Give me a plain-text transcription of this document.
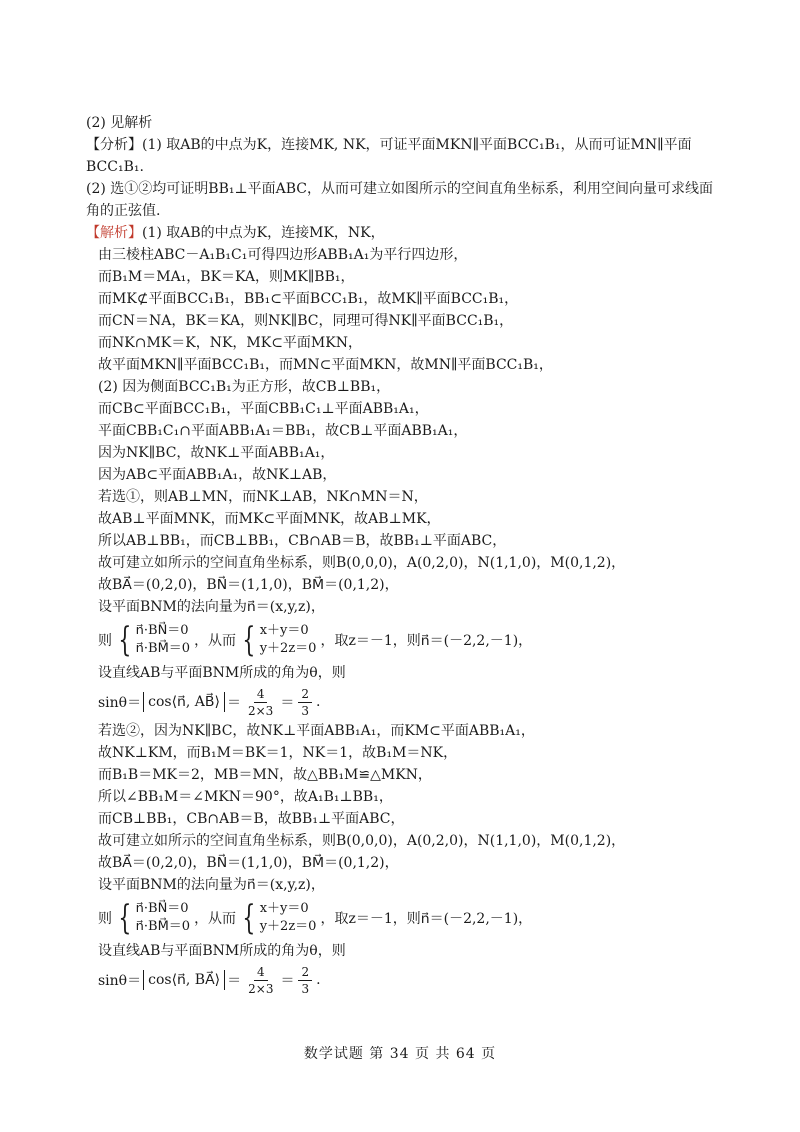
(2) 见解析
【分析】(1) 取AB的中点为K，连接MK, NK，可证平面MKN∥平面BCC₁B₁，从而可证MN∥平面
BCC₁B₁.
(2) 选①②均可证明BB₁⊥平面ABC，从而可建立如图所示的空间直角坐标系，利用空间向量可求线面
角的正弦值.
【解析】(1) 取AB的中点为K，连接MK，NK，
由三棱柱ABC－A₁B₁C₁可得四边形ABB₁A₁为平行四边形，
而B₁M＝MA₁，BK＝KA，则MK∥BB₁，
而MK⊄平面BCC₁B₁，BB₁⊂平面BCC₁B₁，故MK∥平面BCC₁B₁，
而CN＝NA，BK＝KA，则NK∥BC，同理可得NK∥平面BCC₁B₁，
而NK∩MK＝K，NK，MK⊂平面MKN，
故平面MKN∥平面BCC₁B₁，而MN⊂平面MKN，故MN∥平面BCC₁B₁，
(2) 因为侧面BCC₁B₁为正方形，故CB⊥BB₁，
而CB⊂平面BCC₁B₁，平面CBB₁C₁⊥平面ABB₁A₁，
平面CBB₁C₁∩平面ABB₁A₁＝BB₁，故CB⊥平面ABB₁A₁，
因为NK∥BC，故NK⊥平面ABB₁A₁，
因为AB⊂平面ABB₁A₁，故NK⊥AB，
若选①，则AB⊥MN，而NK⊥AB，NK∩MN＝N，
故AB⊥平面MNK，而MK⊂平面MNK，故AB⊥MK，
所以AB⊥BB₁，而CB⊥BB₁，CB∩AB＝B，故BB₁⊥平面ABC，
故可建立如所示的空间直角坐标系，则B(0,0,0)，A(0,2,0)，N(1,1,0)，M(0,1,2)，
故BA⃗＝(0,2,0)，BN⃗＝(1,1,0)，BM⃗＝(0,1,2)，
设平面BNM的法向量为n⃗＝(x,y,z)，
则 { n⃗·BN⃗＝0
n⃗·BM⃗＝0 ，从而 { x＋y＝0
y＋2z＝0 ，取z＝－1，则n⃗＝(－2,2,－1)，
设直线AB与平面BNM所成的角为θ，则
sinθ＝ cos⟨n⃗, AB⃗⟩ ＝ $\frac{4}{2\times 3} = \frac{2}{3}$ .
若选②，因为NK∥BC，故NK⊥平面ABB₁A₁，而KM⊂平面ABB₁A₁，
故NK⊥KM，而B₁M＝BK＝1，NK＝1，故B₁M＝NK，
而B₁B＝MK＝2，MB＝MN，故△BB₁M≌△MKN，
所以∠BB₁M＝∠MKN＝90°，故A₁B₁⊥BB₁，
而CB⊥BB₁，CB∩AB＝B，故BB₁⊥平面ABC，
故可建立如所示的空间直角坐标系，则B(0,0,0)，A(0,2,0)，N(1,1,0)，M(0,1,2)，
故BA⃗＝(0,2,0)，BN⃗＝(1,1,0)，BM⃗＝(0,1,2)，
设平面BNM的法向量为n⃗＝(x,y,z)，
则 { n⃗·BN⃗＝0
n⃗·BM⃗＝0 ，从而 { x＋y＝0
y＋2z＝0 ，取z＝－1，则n⃗＝(－2,2,－1)，
设直线AB与平面BNM所成的角为θ，则
sinθ＝ cos⟨n⃗, BA⃗⟩ ＝ $\frac{4}{2\times 3} = \frac{2}{3}$ .
数学试题 第 34 页 共 64 页
